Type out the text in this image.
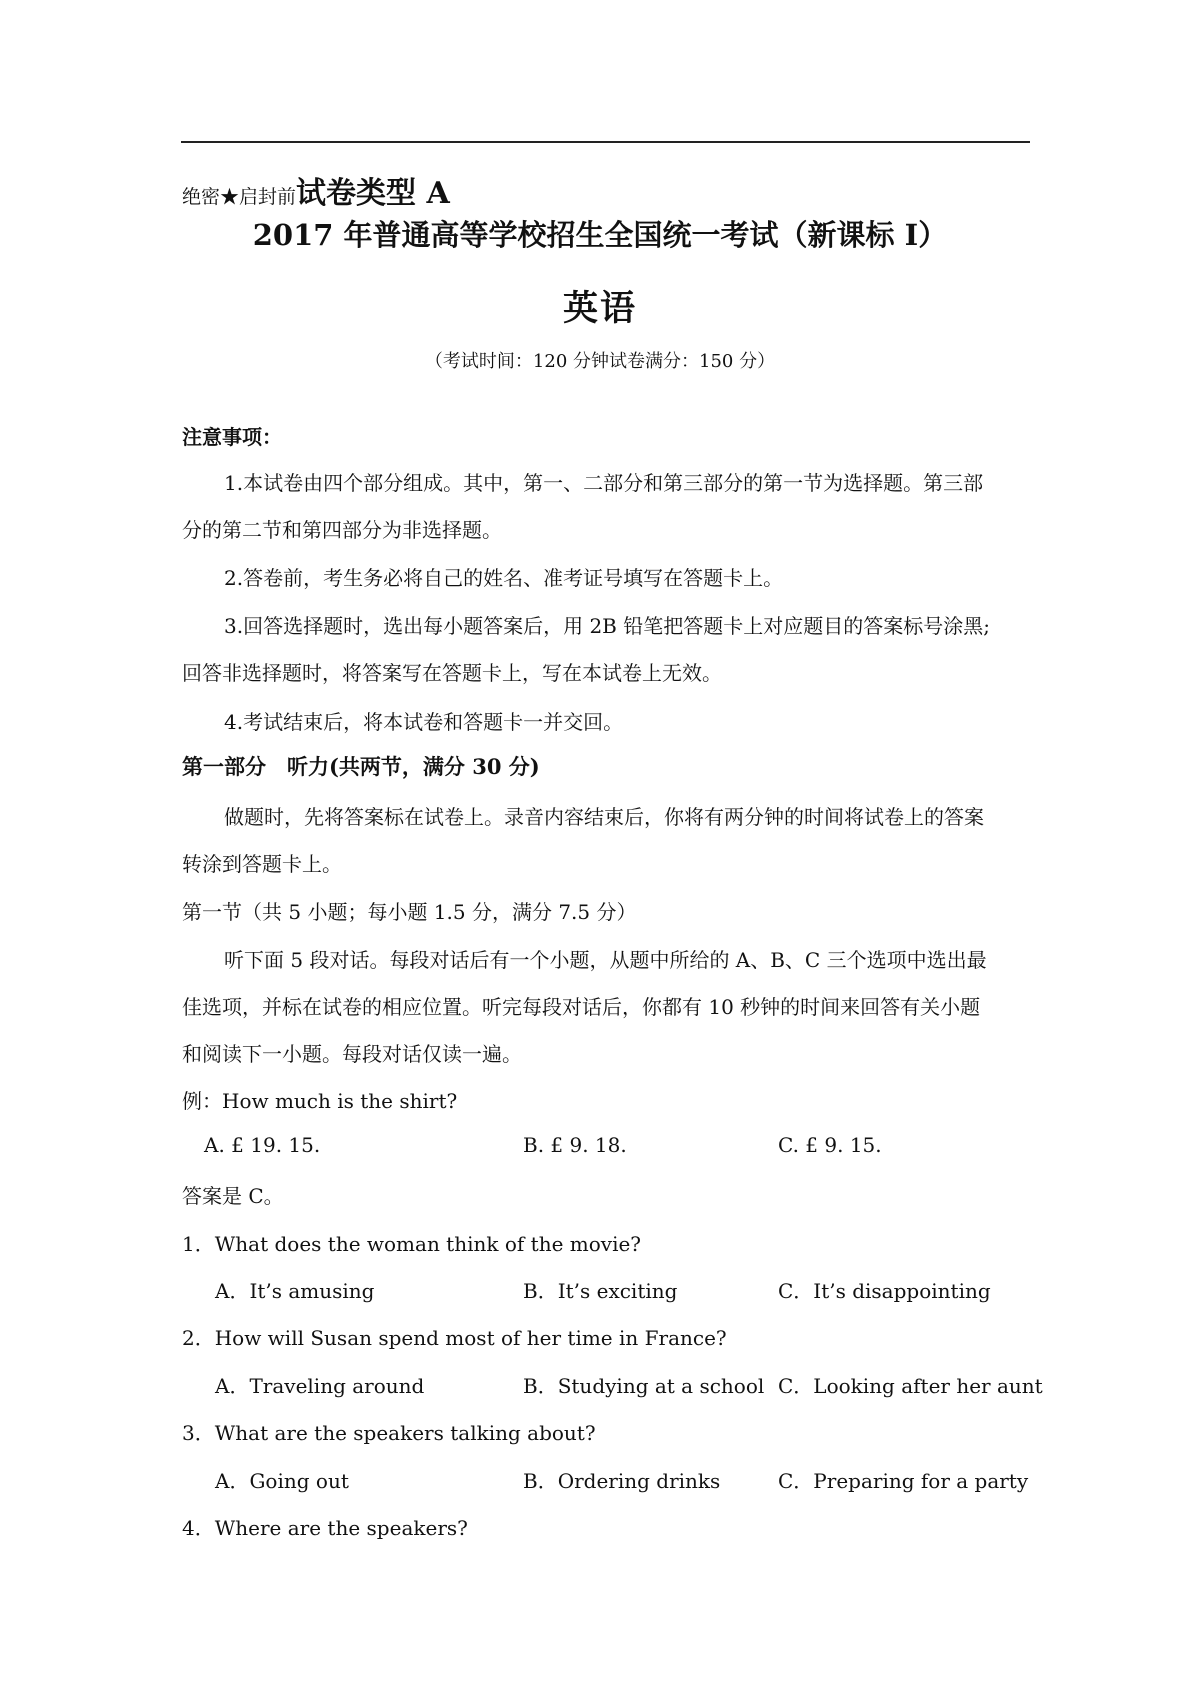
绝密★启封前试卷类型 A
2017 年普通高等学校招生全国统一考试（新课标 I）
英语
（考试时间：120 分钟试卷满分：150 分）
注意事项：
1.本试卷由四个部分组成。其中，第一、二部分和第三部分的第一节为选择题。第三部
分的第二节和第四部分为非选择题。
2.答卷前，考生务必将自己的姓名、准考证号填写在答题卡上。
3.回答选择题时，选出每小题答案后，用 2B 铅笔把答题卡上对应题目的答案标号涂黑;
回答非选择题时，将答案写在答题卡上，写在本试卷上无效。
4.考试结束后，将本试卷和答题卡一并交回。
第一部分　听力(共两节，满分 30 分)
做题时，先将答案标在试卷上。录音内容结束后，你将有两分钟的时间将试卷上的答案
转涂到答题卡上。
第一节（共 5 小题；每小题 1.5 分，满分 7.5 分）
听下面 5 段对话。每段对话后有一个小题，从题中所给的 A、B、C 三个选项中选出最
佳选项，并标在试卷的相应位置。听完每段对话后，你都有 10 秒钟的时间来回答有关小题
和阅读下一小题。每段对话仅读一遍。
例：How much is the shirt?
A. £ 19. 15.	B. £ 9. 18.	C. £ 9. 15.
答案是 C。
1．What does the woman think of the movie?
A．It’s amusing	B．It’s exciting	C．It’s disappointing
2．How will Susan spend most of her time in France?
A．Traveling around	B．Studying at a school C．Looking after her aunt
3．What are the speakers talking about?
A．Going out	B．Ordering drinks	C．Preparing for a party
4．Where are the speakers?
